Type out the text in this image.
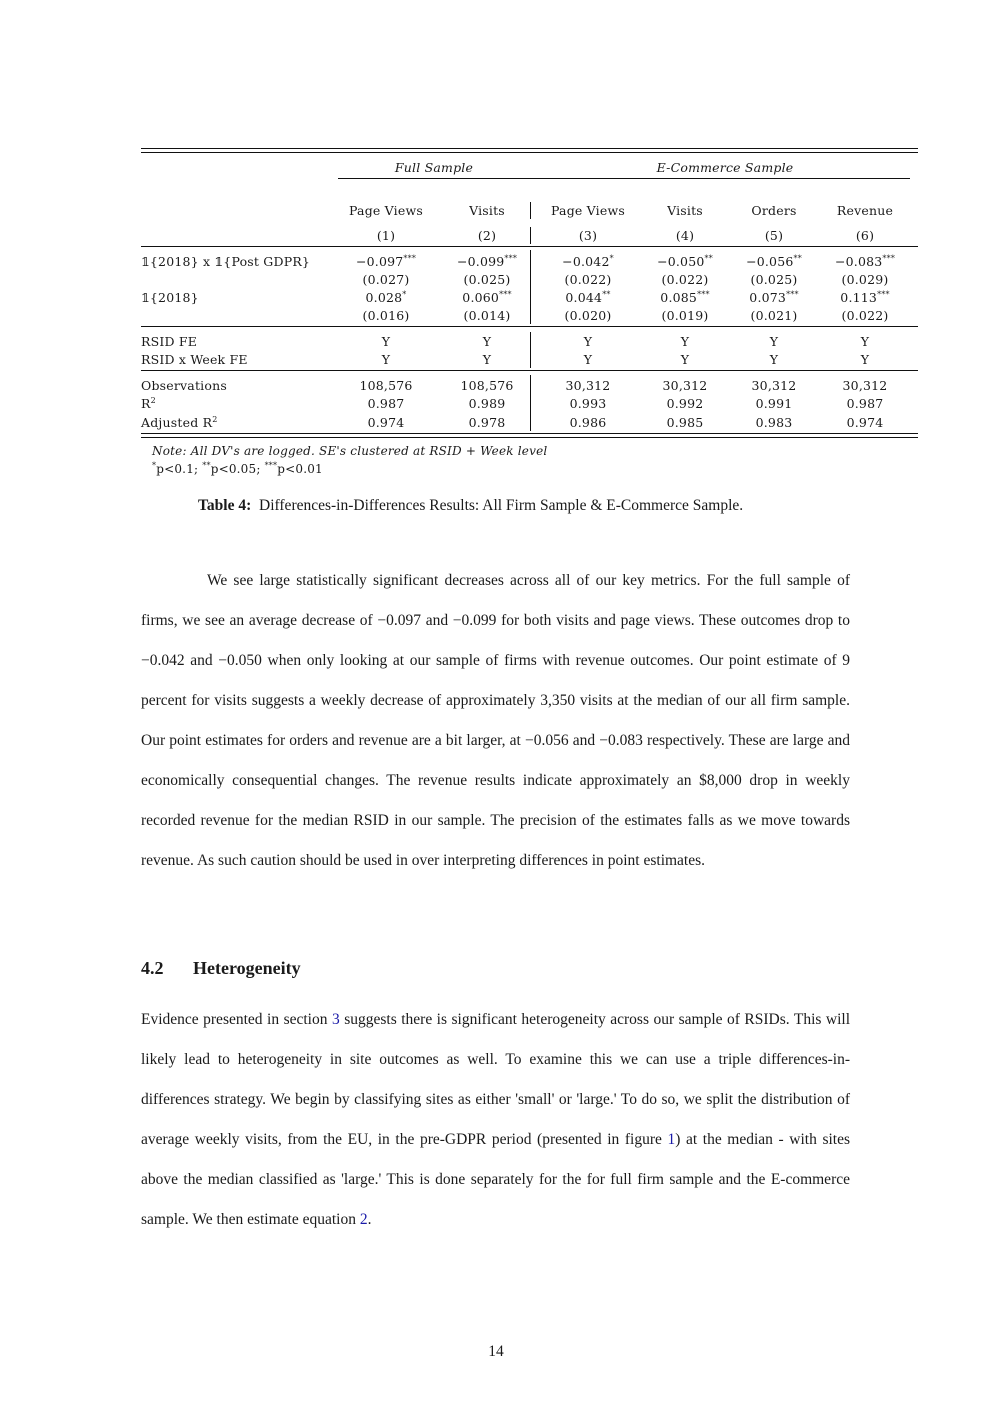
Full Sample	E-Commerce Sample
Page Views	Visits	Page Views	Visits	Orders	Revenue
(1)	(2)	(3)	(4)	(5)	(6)
𝟙{2018} x 𝟙{Post GDPR}	−0.097***	−0.099***	−0.042*	−0.050**	−0.056**	−0.083***
(0.027)	(0.025)	(0.022)	(0.022)	(0.025)	(0.029)
𝟙{2018}	0.028*	0.060***	0.044**	0.085***	0.073***	0.113***
(0.016)	(0.014)	(0.020)	(0.019)	(0.021)	(0.022)
RSID FE	Y	Y	Y	Y	Y	Y
RSID x Week FE	Y	Y	Y	Y	Y	Y
Observations	108,576	108,576	30,312	30,312	30,312	30,312
$R^2$	0.987	0.989	0.993	0.992	0.991	0.987
Adjusted $R^2$	0.974	0.978	0.986	0.985	0.983	0.974
Note: All DV's are logged. SE's clustered at RSID + Week level
*p<0.1; **p<0.05; ***p<0.01
Table 4: Differences-in-Differences Results: All Firm Sample & E-Commerce Sample.

We see large statistically significant decreases across all of our key metrics. For the full sample of firms, we see an average decrease of −0.097 and −0.099 for both visits and page views. These outcomes drop to −0.042 and −0.050 when only looking at our sample of firms with revenue outcomes. Our point estimate of 9 percent for visits suggests a weekly decrease of approximately 3,350 visits at the median of our all firm sample. Our point estimates for orders and revenue are a bit larger, at −0.056 and −0.083 respectively. These are large and economically consequential changes. The revenue results indicate approximately an $8,000 drop in weekly recorded revenue for the median RSID in our sample. The precision of the estimates falls as we move towards revenue. As such caution should be used in over interpreting differences in point estimates.

4.2 Heterogeneity

Evidence presented in section 3 suggests there is significant heterogeneity across our sample of RSIDs. This will likely lead to heterogeneity in site outcomes as well. To examine this we can use a triple differences-in-differences strategy. We begin by classifying sites as either 'small' or 'large.' To do so, we split the distribution of average weekly visits, from the EU, in the pre-GDPR period (presented in figure 1) at the median - with sites above the median classified as 'large.' This is done separately for the for full firm sample and the E-commerce sample. We then estimate equation 2.

14
